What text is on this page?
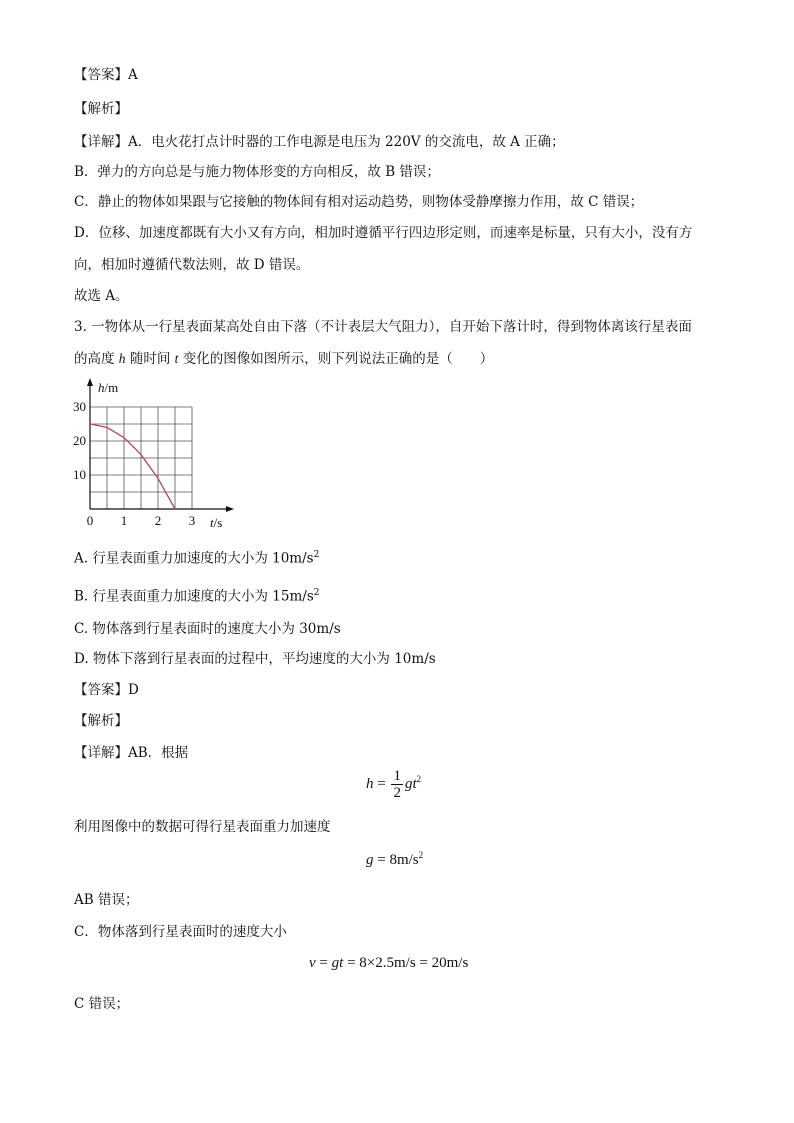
【答案】A
【解析】
【详解】A．电火花打点计时器的工作电源是电压为 220V 的交流电，故 A 正确；
B．弹力的方向总是与施力物体形变的方向相反，故 B 错误；
C．静止的物体如果跟与它接触的物体间有相对运动趋势，则物体受静摩擦力作用，故 C 错误；
D．位移、加速度都既有大小又有方向，相加时遵循平行四边形定则，而速率是标量，只有大小，没有方
向，相加时遵循代数法则，故 D 错误。
故选 A。
3. 一物体从一行星表面某高处自由下落（不计表层大气阻力），自开始下落计时，得到物体离该行星表面
的高度 h 随时间 t 变化的图像如图所示，则下列说法正确的是（　　）
0 1 2 3
10
20
30
h/m
t/s
A. 行星表面重力加速度的大小为 $10m/s^2$
B. 行星表面重力加速度的大小为 $15m/s^2$
C. 物体落到行星表面时的速度大小为 30m/s
D. 物体下落到行星表面的过程中，平均速度的大小为 10m/s
【答案】D
【解析】
【详解】AB．根据
$h = \frac{1}{2} gt^2$
利用图像中的数据可得行星表面重力加速度
$g = 8m/s^2$
AB 错误；
C．物体落到行星表面时的速度大小
v = gt = 8×2.5m/s = 20m/s
C 错误；
